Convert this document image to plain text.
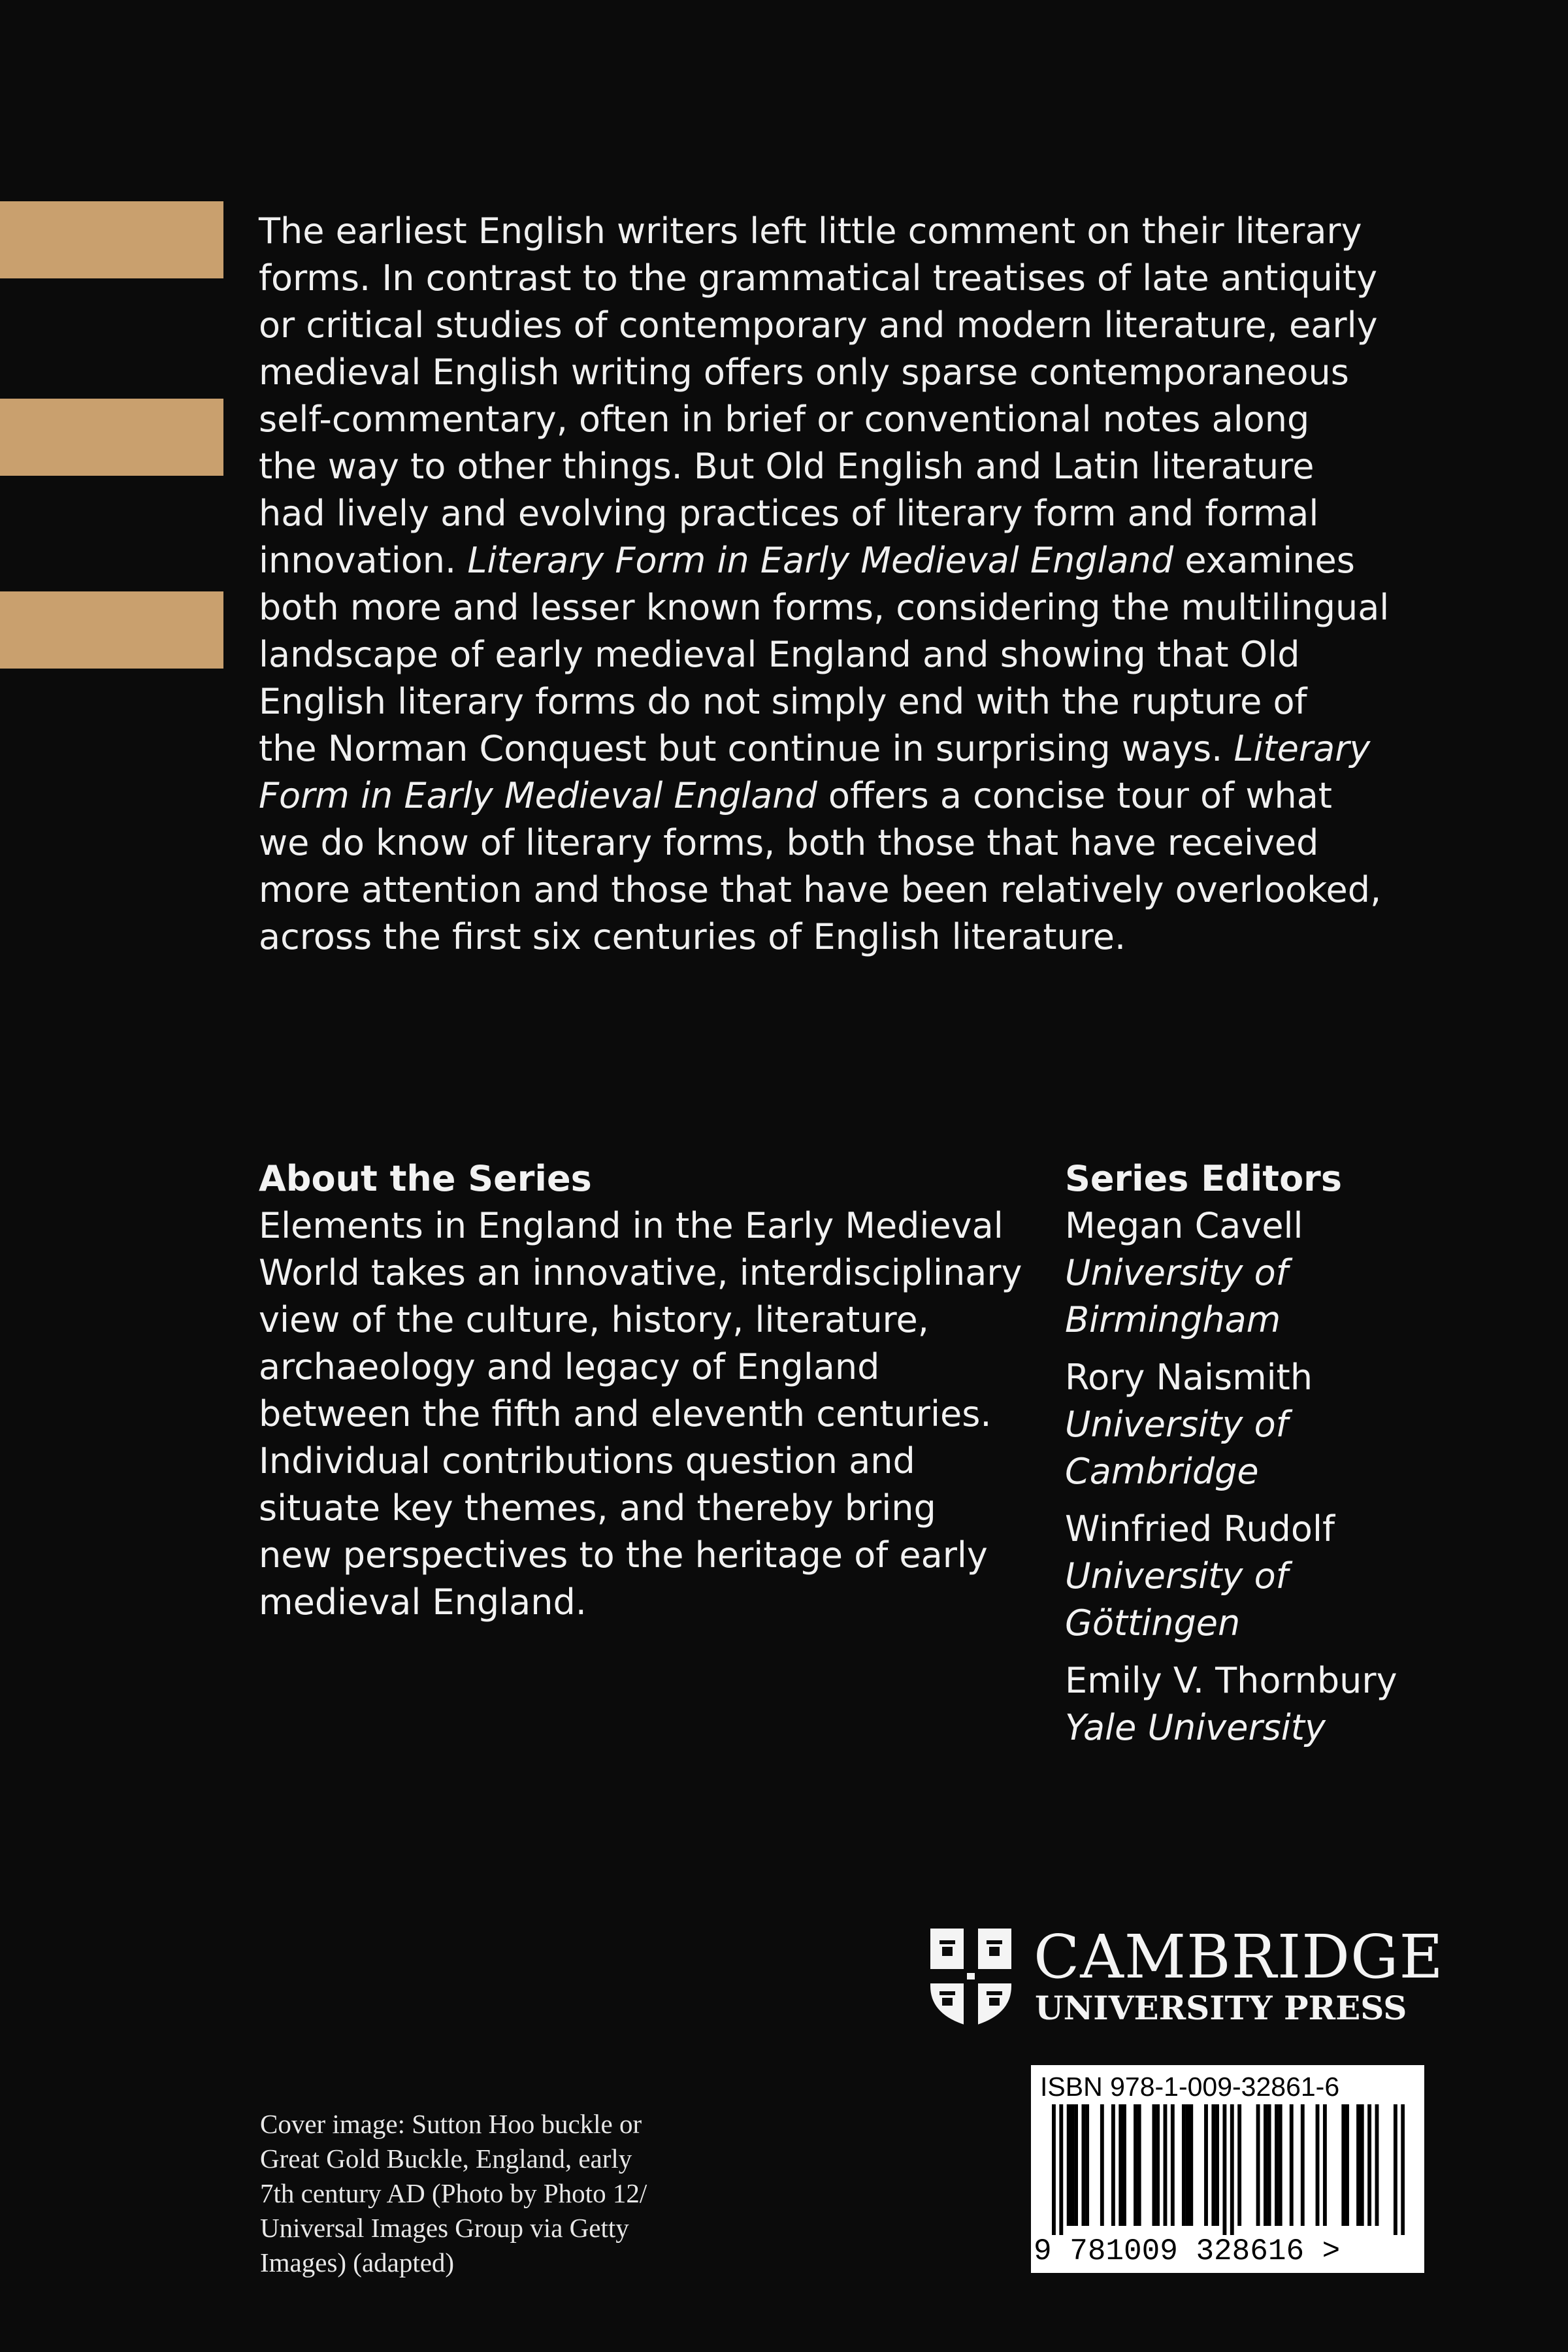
The earliest English writers left little comment on their literary
forms. In contrast to the grammatical treatises of late antiquity
or critical studies of contemporary and modern literature, early
medieval English writing offers only sparse contemporaneous
self-commentary, often in brief or conventional notes along
the way to other things. But Old English and Latin literature
had lively and evolving practices of literary form and formal
innovation. Literary Form in Early Medieval England examines
both more and lesser known forms, considering the multilingual
landscape of early medieval England and showing that Old
English literary forms do not simply end with the rupture of
the Norman Conquest but continue in surprising ways. Literary
Form in Early Medieval England offers a concise tour of what
we do know of literary forms, both those that have received
more attention and those that have been relatively overlooked,
across the first six centuries of English literature.
About the Series
Elements in England in the Early Medieval
World takes an innovative, interdisciplinary
view of the culture, history, literature,
archaeology and legacy of England
between the fifth and eleventh centuries.
Individual contributions question and
situate key themes, and thereby bring
new perspectives to the heritage of early
medieval England.
Series Editors
Megan Cavell
University of
Birmingham
Rory Naismith
University of
Cambridge
Winfried Rudolf
University of
Göttingen
Emily V. Thornbury
Yale University
CAMBRIDGE
UNIVERSITY PRESS
Cover image: Sutton Hoo buckle or
Great Gold Buckle, England, early
7th century AD (Photo by Photo 12/
Universal Images Group via Getty
Images) (adapted)
ISBN 978-1-009-32861-6
9 781009 328616 >
